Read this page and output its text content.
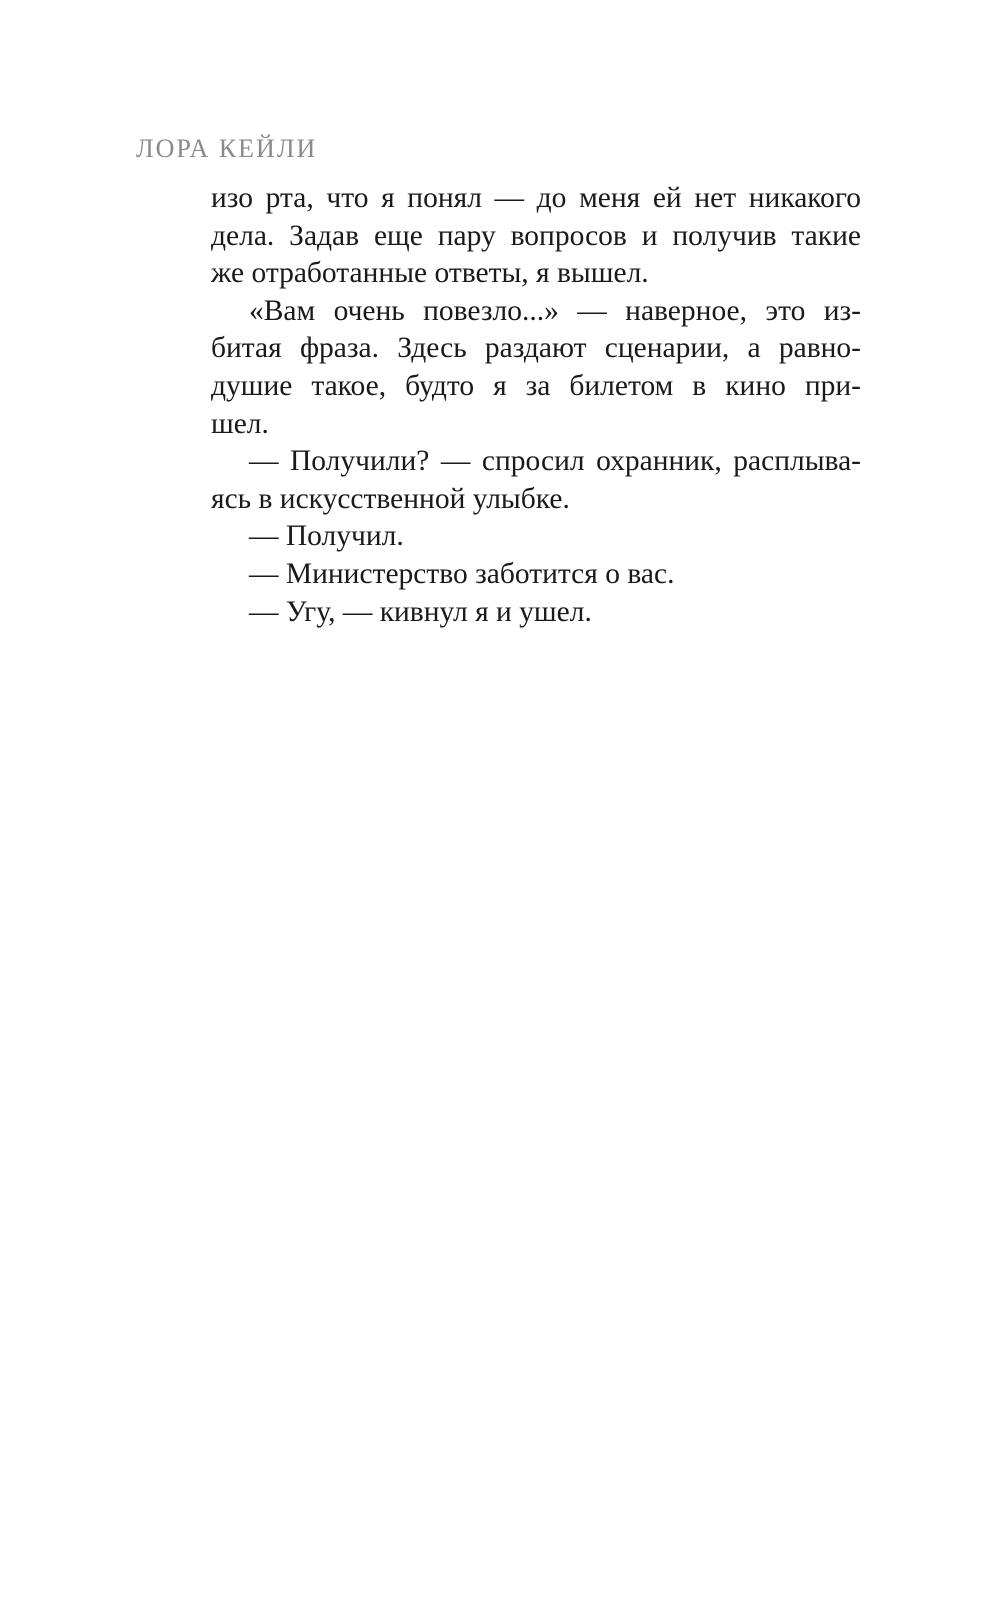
ЛОРА КЕЙЛИ
изо рта, что я понял — до меня ей нет никакого
дела. Задав еще пару вопросов и получив такие
же отработанные ответы, я вышел.
«Вам очень повезло...» — наверное, это из-
битая фраза. Здесь раздают сценарии, а равно-
душие такое, будто я за билетом в кино при-
шел.
— Получили? — спросил охранник, расплыва-
ясь в искусственной улыбке.
— Получил.
— Министерство заботится о вас.
— Угу, — кивнул я и ушел.
